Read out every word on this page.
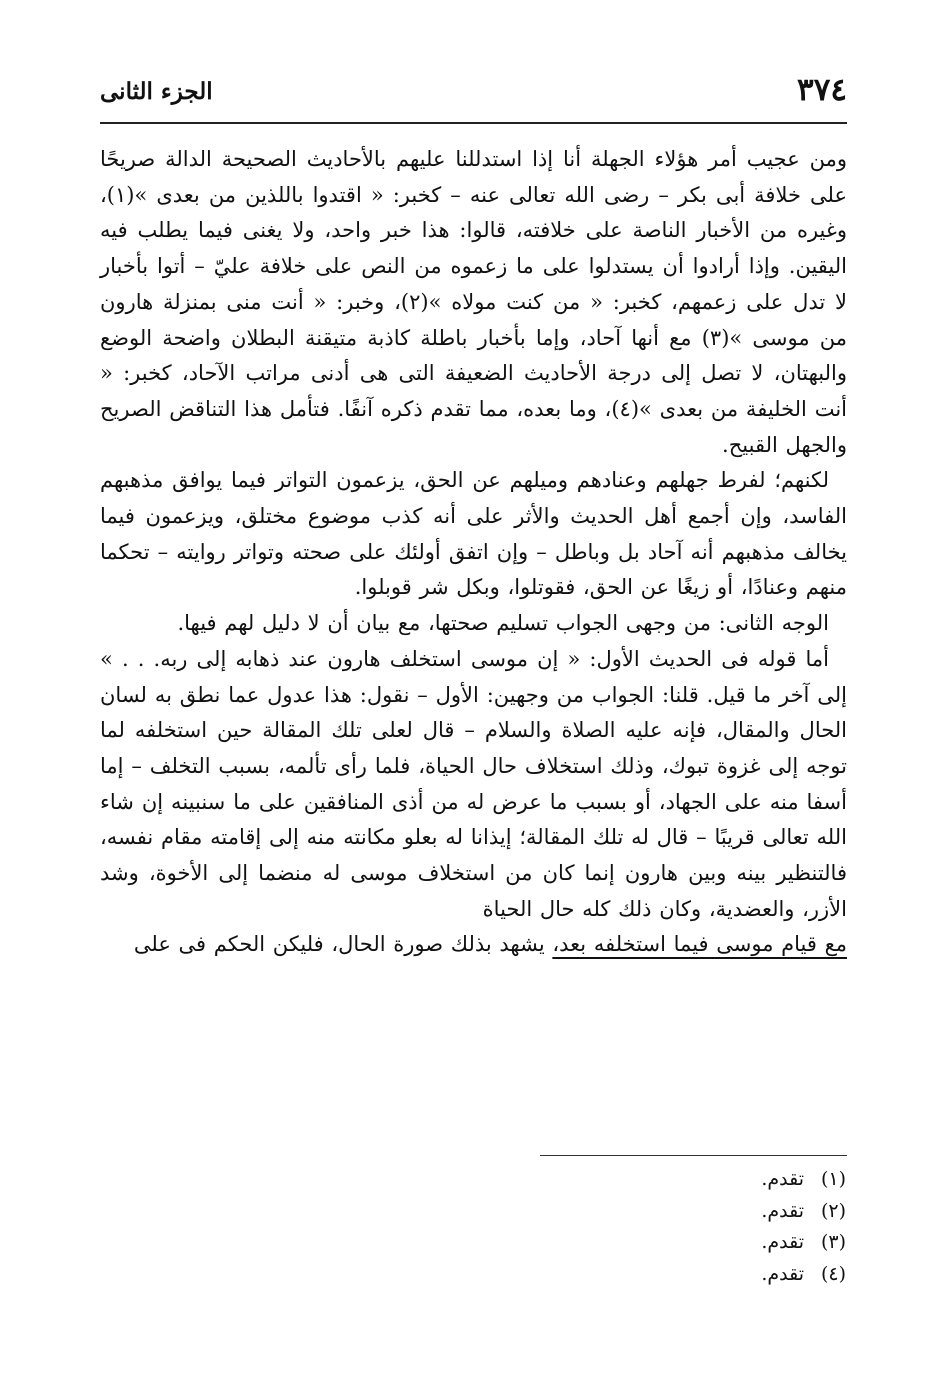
٣٧٤
الجزء الثانى

ومن عجيب أمر هؤلاء الجهلة أنا إذا استدللنا عليهم بالأحاديث الصحيحة الدالة صريحًا على خلافة أبى بكر – رضى الله تعالى عنه – كخبر: « اقتدوا باللذين من بعدى »(١)، وغيره من الأخبار الناصة على خلافته، قالوا: هذا خبر واحد، ولا يغنى فيما يطلب فيه اليقين. وإذا أرادوا أن يستدلوا على ما زعموه من النص على خلافة عليّ – أتوا بأخبار لا تدل على زعمهم، كخبر: « من كنت مولاه »(٢)، وخبر: « أنت منى بمنزلة هارون من موسى »(٣) مع أنها آحاد، وإما بأخبار باطلة كاذبة متيقنة البطلان واضحة الوضع والبهتان، لا تصل إلى درجة الأحاديث الضعيفة التى هى أدنى مراتب الآحاد، كخبر: « أنت الخليفة من بعدى »(٤)، وما بعده، مما تقدم ذكره آنفًا. فتأمل هذا التناقض الصريح والجهل القبيح.

لكنهم؛ لفرط جهلهم وعنادهم وميلهم عن الحق، يزعمون التواتر فيما يوافق مذهبهم الفاسد، وإن أجمع أهل الحديث والأثر على أنه كذب موضوع مختلق، ويزعمون فيما يخالف مذهبهم أنه آحاد بل وباطل – وإن اتفق أولئك على صحته وتواتر روايته – تحكما منهم وعنادًا، أو زيغًا عن الحق، فقوتلوا، وبكل شر قوبلوا.

الوجه الثانى: من وجهى الجواب تسليم صحتها، مع بيان أن لا دليل لهم فيها.

أما قوله فى الحديث الأول: « إن موسى استخلف هارون عند ذهابه إلى ربه. . . » إلى آخر ما قيل. قلنا: الجواب من وجهين: الأول – نقول: هذا عدول عما نطق به لسان الحال والمقال، فإنه عليه الصلاة والسلام – قال لعلى تلك المقالة حين استخلفه لما توجه إلى غزوة تبوك، وذلك استخلاف حال الحياة، فلما رأى تألمه، بسبب التخلف – إما أسفا منه على الجهاد، أو بسبب ما عرض له من أذى المنافقين على ما سنبينه إن شاء الله تعالى قريبًا – قال له تلك المقالة؛ إيذانا له بعلو مكانته منه إلى إقامته مقام نفسه، فالتنظير بينه وبين هارون إنما كان من استخلاف موسى له منضما إلى الأخوة، وشد الأزر، والعضدية، وكان ذلك كله حال الحياة
مع قيام موسى فيما استخلفه بعد، يشهد بذلك صورة الحال، فليكن الحكم فى على

(١)
تقدم.
(٢)
تقدم.
(٣)
تقدم.
(٤)
تقدم.
